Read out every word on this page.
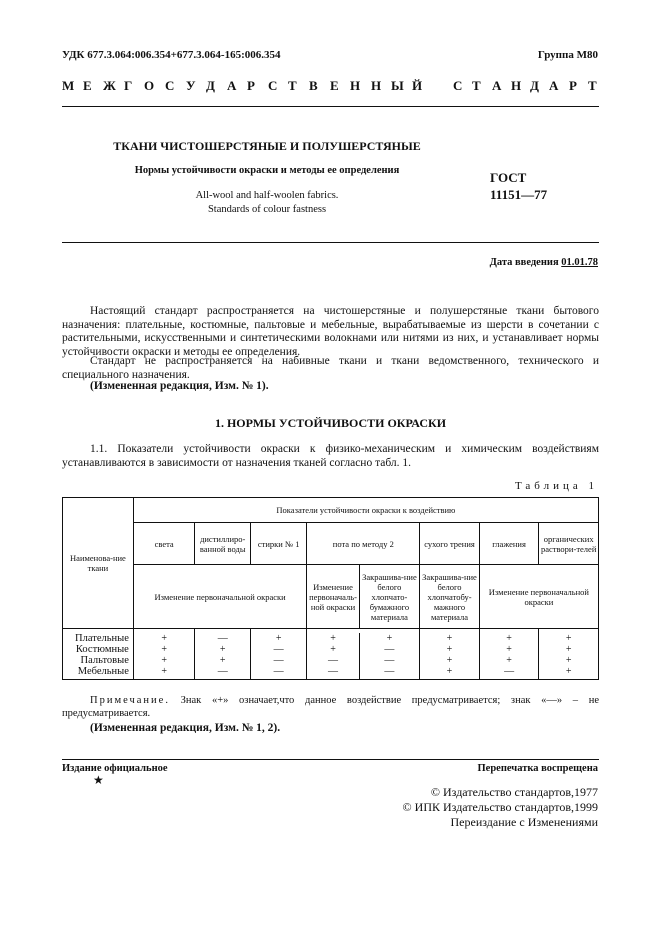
УДК 677.3.064:006.354+677.3.064-165:006.354	Группа М80
М Е Ж Г О С У Д А Р С Т В Е Н Н Ы Й С Т А Н Д А Р Т
ТКАНИ ЧИСТОШЕРСТЯНЫЕ И ПОЛУШЕРСТЯНЫЕ
Нормы устойчивости окраски и методы ее определения
All-wool and half-woolen fabrics.
Standards of colour fastness
ГОСТ
11151—77
Дата введения 01.01.78
Настоящий стандарт распространяется на чистошерстяные и полушерстяные ткани бытового назначения: плательные, костюмные, пальтовые и мебельные, вырабатываемые из шерсти в сочетании с растительными, искусственными и синтетическими волокнами или нитями из них, и устанавливает нормы устойчивости окраски и методы ее определения.
Стандарт не распространяется на набивные ткани и ткани ведомственного, технического и специального назначения.
(Измененная редакция, Изм. № 1).
1. НОРМЫ УСТОЙЧИВОСТИ ОКРАСКИ
1.1. Показатели устойчивости окраски к физико-механическим и химическим воздействиям устанавливаются в зависимости от назначения тканей согласно табл. 1.
Таблица 1
Наименова-ние ткани	Показатели устойчивости окраски к воздействию							
	света	дистиллиро-ванной воды	стирки № 1	пота по методу 2		сухого трения	глажения	органических раствори-телей
	Изменение первоначальной окраски			Изменение первоначаль-ной окраски	Закрашива-ние белого хлопчато-бумажного материала	Закрашива-ние белого хлопчатобу-мажного материала	Изменение первоначальной окраски	

Плательные	+	—	+	+	+	+	+	+
Костюмные	+	+	—	+	—	+	+	+
Пальтовые	+	+	—	—	—	+	+	+
Мебельные	+	—	—	—	—	+	—	+
Примечание. Знак «+» означает,что данное воздействие предусматривается; знак «—» – не предусматривается.
(Измененная редакция, Изм. № 1, 2).
Издание официальное	Перепечатка воспрещена
★
© Издательство стандартов,1977
© ИПК Издательство стандартов,1999
Переиздание с Изменениями
